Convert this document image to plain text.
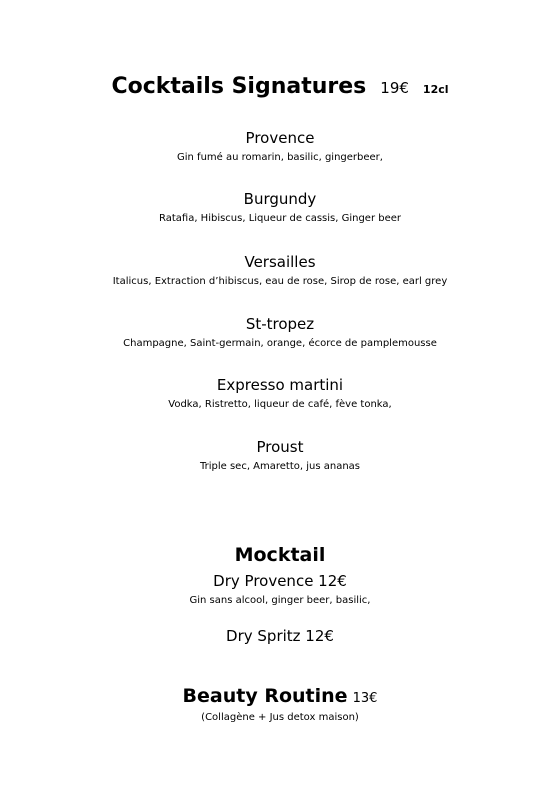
Cocktails Signatures 19€ 12cl
Provence
Gin fumé au romarin, basilic, gingerbeer,
Burgundy
Ratafia, Hibiscus, Liqueur de cassis, Ginger beer
Versailles
Italicus, Extraction d’hibiscus, eau de rose, Sirop de rose, earl grey
St-tropez
Champagne, Saint-germain, orange, écorce de pamplemousse
Expresso martini
Vodka, Ristretto, liqueur de café, fève tonka,
Proust
Triple sec, Amaretto, jus ananas
Mocktail
Dry Provence 12€
Gin sans alcool, ginger beer, basilic,
Dry Spritz 12€
Beauty Routine 13€
(Collagène + Jus detox maison)
